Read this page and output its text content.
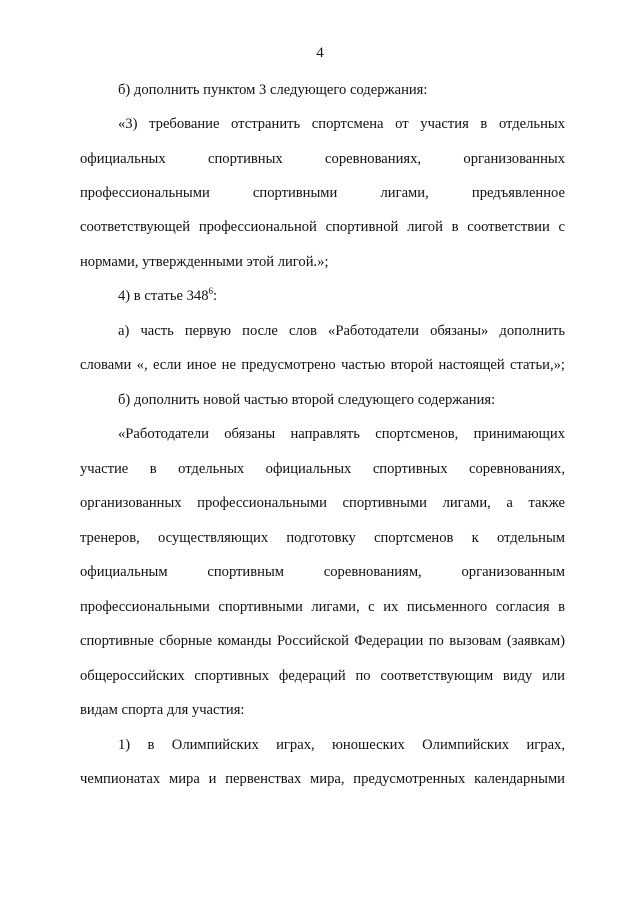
4
б) дополнить пунктом 3 следующего содержания:
«3) требование отстранить спортсмена от участия в отдельных
официальных спортивных соревнованиях, организованных
профессиональными спортивными лигами, предъявленное
соответствующей профессиональной спортивной лигой в соответствии с
нормами, утвержденными этой лигой.»;
4) в статье $348^6$:
а) часть первую после слов «Работодатели обязаны» дополнить
словами «, если иное не предусмотрено частью второй настоящей статьи,»;
б) дополнить новой частью второй следующего содержания:
«Работодатели обязаны направлять спортсменов, принимающих
участие в отдельных официальных спортивных соревнованиях,
организованных профессиональными спортивными лигами, а также
тренеров, осуществляющих подготовку спортсменов к отдельным
официальным спортивным соревнованиям, организованным
профессиональными спортивными лигами, с их письменного согласия в
спортивные сборные команды Российской Федерации по вызовам (заявкам)
общероссийских спортивных федераций по соответствующим виду или
видам спорта для участия:
1) в Олимпийских играх, юношеских Олимпийских играх,
чемпионатах мира и первенствах мира, предусмотренных календарными
